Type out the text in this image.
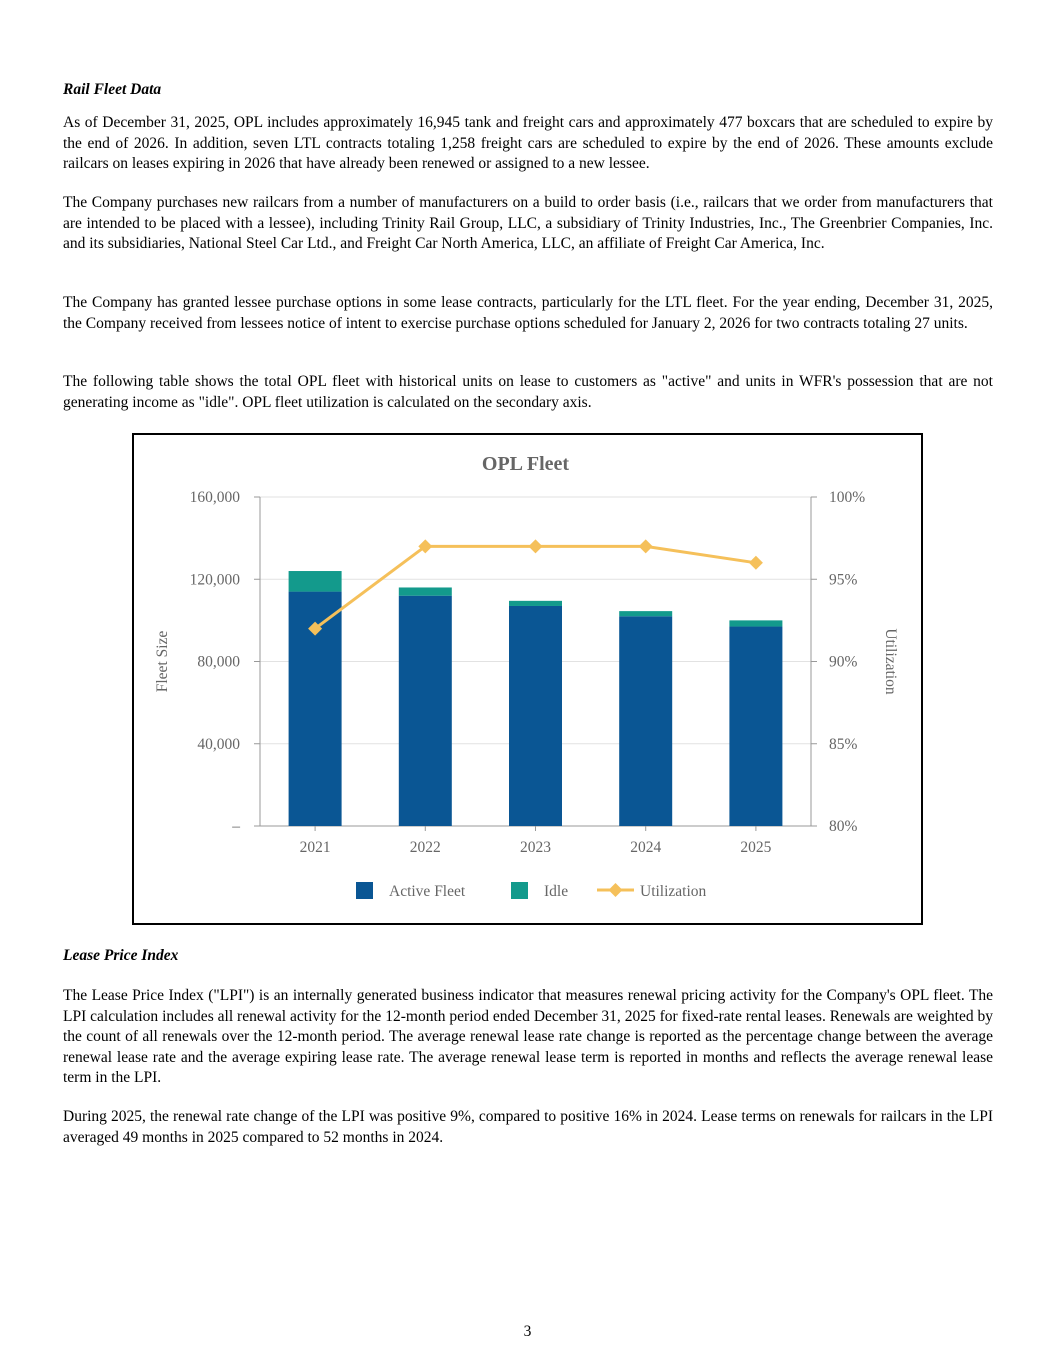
Rail Fleet Data

As of December 31, 2025, OPL includes approximately 16,945 tank and freight cars and approximately 477 boxcars that are scheduled to expire by the end of 2026. In addition, seven LTL contracts totaling 1,258 freight cars are scheduled to expire by the end of 2026. These amounts exclude railcars on leases expiring in 2026 that have already been renewed or assigned to a new lessee.

The Company purchases new railcars from a number of manufacturers on a build to order basis (i.e., railcars that we order from manufacturers that are intended to be placed with a lessee), including Trinity Rail Group, LLC, a subsidiary of Trinity Industries, Inc., The Greenbrier Companies, Inc. and its subsidiaries, National Steel Car Ltd., and Freight Car North America, LLC, an affiliate of Freight Car America, Inc.

The Company has granted lessee purchase options in some lease contracts, particularly for the LTL fleet. For the year ending, December 31, 2025, the Company received from lessees notice of intent to exercise purchase options scheduled for January 2, 2026 for two contracts totaling 27 units.

The following table shows the total OPL fleet with historical units on lease to customers as "active" and units in WFR's possession that are not generating income as "idle". OPL fleet utilization is calculated on the secondary axis.

OPL Fleet
–
40,000
80,000
120,000
160,000
80%
85%
90%
95%
100%
Fleet Size	Utilization
2021	2022	2023	2024	2025
Active Fleet	Idle	Utilization
Lease Price Index

The Lease Price Index ("LPI") is an internally generated business indicator that measures renewal pricing activity for the Company's OPL fleet. The LPI calculation includes all renewal activity for the 12-month period ended December 31, 2025 for fixed-rate rental leases. Renewals are weighted by the count of all renewals over the 12-month period. The average renewal lease rate change is reported as the percentage change between the average renewal lease rate and the average expiring lease rate. The average renewal lease term is reported in months and reflects the average renewal lease term in the LPI.

During 2025, the renewal rate change of the LPI was positive 9%, compared to positive 16% in 2024. Lease terms on renewals for railcars in the LPI averaged 49 months in 2025 compared to 52 months in 2024.

3
